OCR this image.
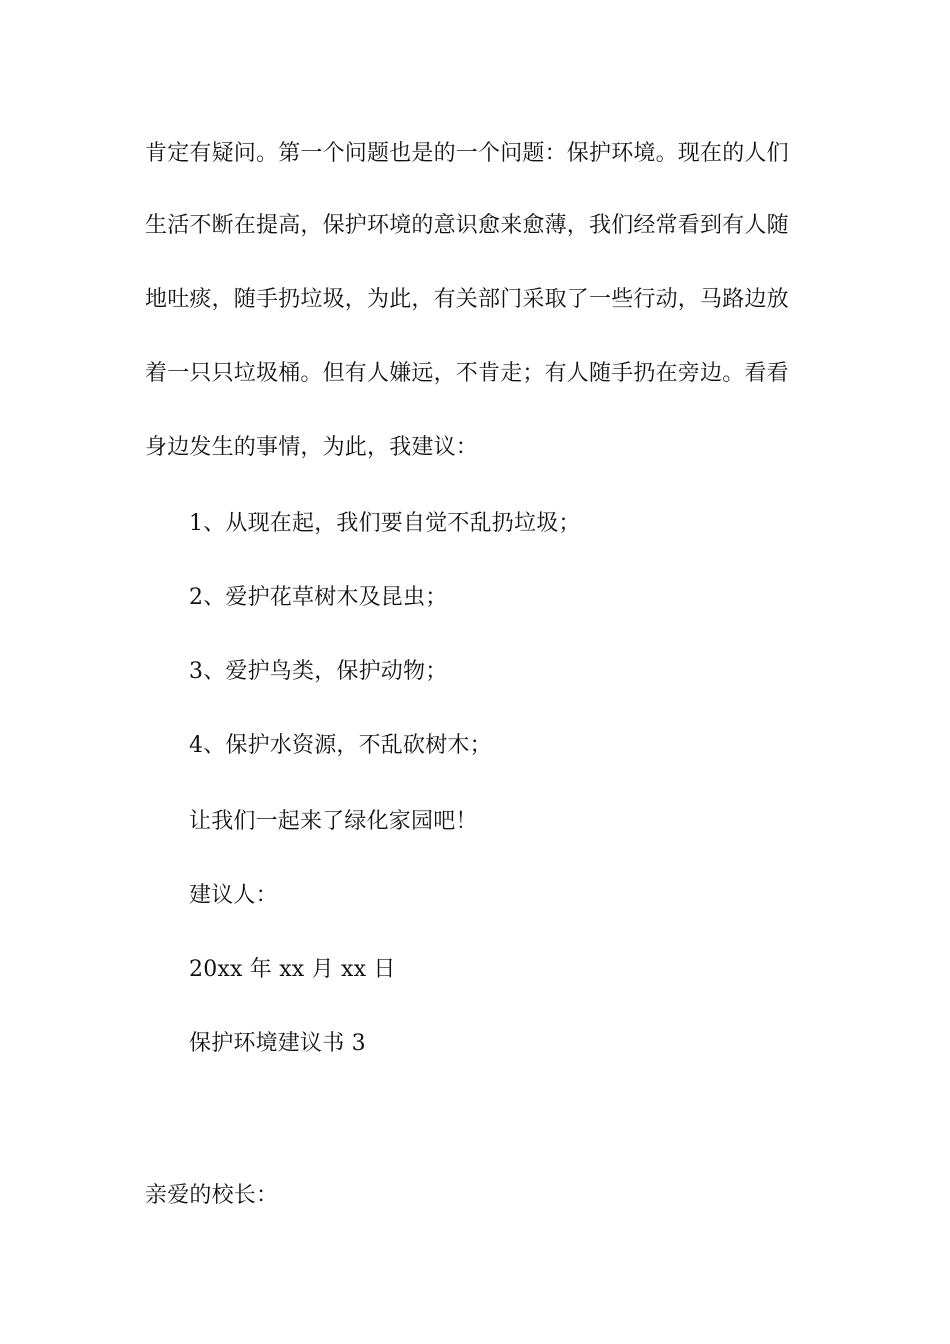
肯定有疑问。第一个问题也是的一个问题：保护环境。现在的人们
生活不断在提高，保护环境的意识愈来愈薄，我们经常看到有人随
地吐痰，随手扔垃圾，为此，有关部门采取了一些行动，马路边放
着一只只垃圾桶。但有人嫌远，不肯走；有人随手扔在旁边。看看
身边发生的事情，为此，我建议：
1、从现在起，我们要自觉不乱扔垃圾；
2、爱护花草树木及昆虫；
3、爱护鸟类，保护动物；
4、保护水资源，不乱砍树木；
让我们一起来了绿化家园吧！
建议人：
20xx 年 xx 月 xx 日
保护环境建议书 3
亲爱的校长：
